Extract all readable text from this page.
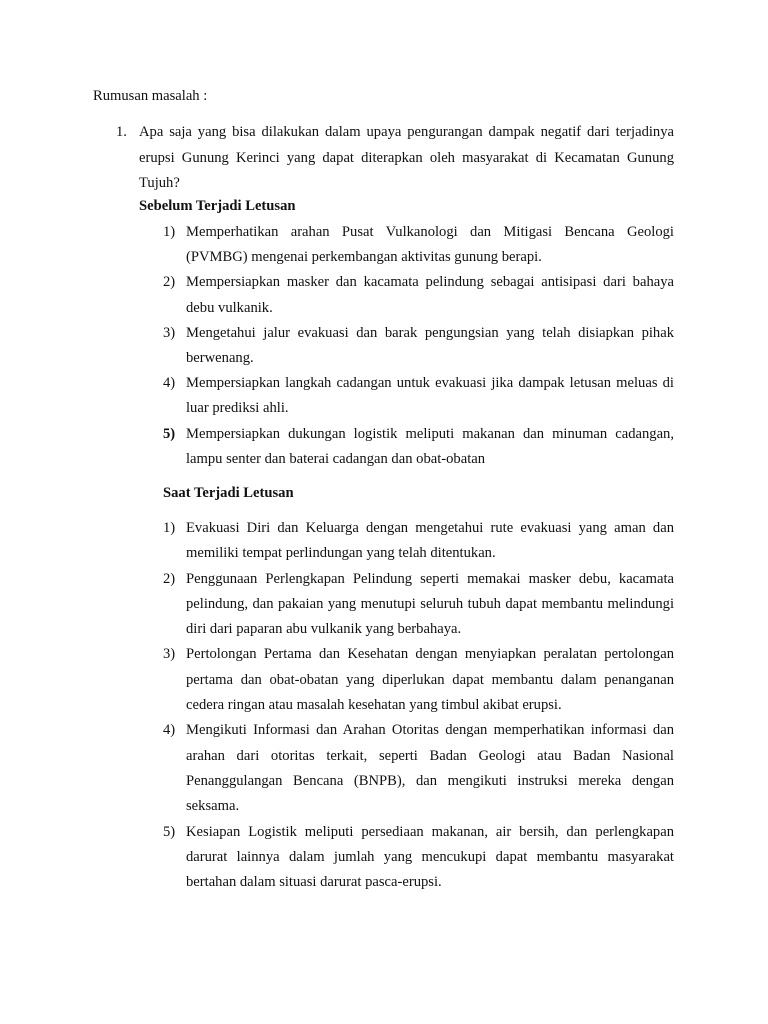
Rumusan masalah :
1. Apa saja yang bisa dilakukan dalam upaya pengurangan dampak negatif dari terjadinya erupsi Gunung Kerinci yang dapat diterapkan oleh masyarakat di Kecamatan Gunung Tujuh?
Sebelum Terjadi Letusan
1) Memperhatikan arahan Pusat Vulkanologi dan Mitigasi Bencana Geologi (PVMBG) mengenai perkembangan aktivitas gunung berapi.
2) Mempersiapkan masker dan kacamata pelindung sebagai antisipasi dari bahaya debu vulkanik.
3) Mengetahui jalur evakuasi dan barak pengungsian yang telah disiapkan pihak berwenang.
4) Mempersiapkan langkah cadangan untuk evakuasi jika dampak letusan meluas di luar prediksi ahli.
5) Mempersiapkan dukungan logistik meliputi makanan dan minuman cadangan, lampu senter dan baterai cadangan dan obat-obatan
Saat Terjadi Letusan
1) Evakuasi Diri dan Keluarga dengan mengetahui rute evakuasi yang aman dan memiliki tempat perlindungan yang telah ditentukan.
2) Penggunaan Perlengkapan Pelindung seperti memakai masker debu, kacamata pelindung, dan pakaian yang menutupi seluruh tubuh dapat membantu melindungi diri dari paparan abu vulkanik yang berbahaya.
3) Pertolongan Pertama dan Kesehatan dengan menyiapkan peralatan pertolongan pertama dan obat-obatan yang diperlukan dapat membantu dalam penanganan cedera ringan atau masalah kesehatan yang timbul akibat erupsi.
4) Mengikuti Informasi dan Arahan Otoritas dengan memperhatikan informasi dan arahan dari otoritas terkait, seperti Badan Geologi atau Badan Nasional Penanggulangan Bencana (BNPB), dan mengikuti instruksi mereka dengan seksama.
5) Kesiapan Logistik meliputi persediaan makanan, air bersih, dan perlengkapan darurat lainnya dalam jumlah yang mencukupi dapat membantu masyarakat bertahan dalam situasi darurat pasca-erupsi.
